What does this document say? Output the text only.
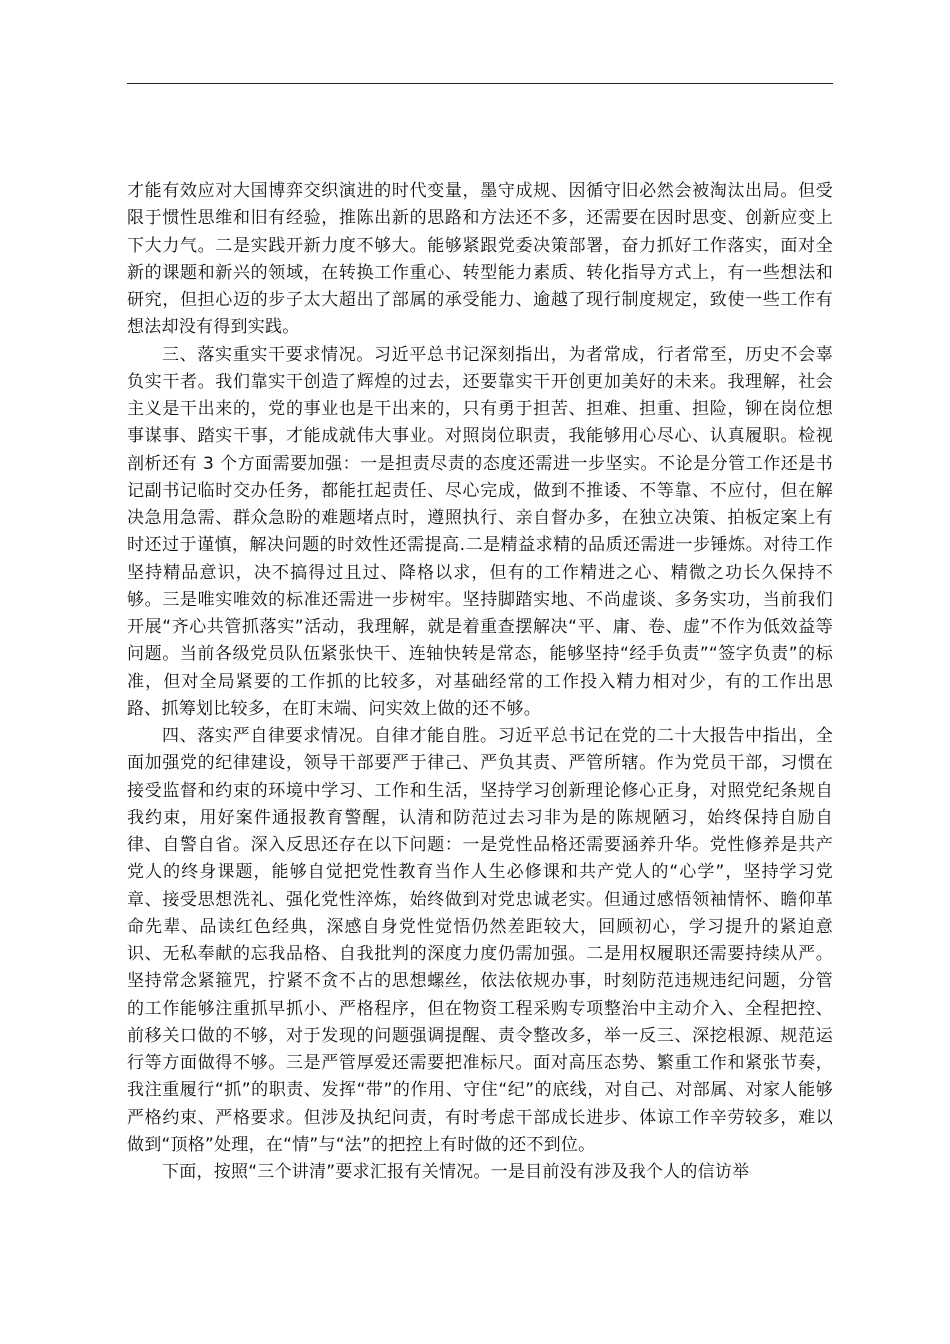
才能有效应对大国博弈交织演进的时代变量，墨守成规、因循守旧必然会被淘汰出局。但受限于惯性思维和旧有经验，推陈出新的思路和方法还不多，还需要在因时思变、创新应变上下大力气。二是实践开新力度不够大。能够紧跟党委决策部署，奋力抓好工作落实，面对全新的课题和新兴的领域，在转换工作重心、转型能力素质、转化指导方式上，有一些想法和研究，但担心迈的步子太大超出了部属的承受能力、逾越了现行制度规定，致使一些工作有想法却没有得到实践。

三、落实重实干要求情况。习近平总书记深刻指出，为者常成，行者常至，历史不会辜负实干者。我们靠实干创造了辉煌的过去，还要靠实干开创更加美好的未来。我理解，社会主义是干出来的，党的事业也是干出来的，只有勇于担苦、担难、担重、担险，铆在岗位想事谋事、踏实干事，才能成就伟大事业。对照岗位职责，我能够用心尽心、认真履职。检视剖析还有 3 个方面需要加强：一是担责尽责的态度还需进一步坚实。不论是分管工作还是书记副书记临时交办任务，都能扛起责任、尽心完成，做到不推诿、不等靠、不应付，但在解决急用急需、群众急盼的难题堵点时，遵照执行、亲自督办多，在独立决策、拍板定案上有时还过于谨慎，解决问题的时效性还需提高.二是精益求精的品质还需进一步锤炼。对待工作坚持精品意识，决不搞得过且过、降格以求，但有的工作精进之心、精微之功长久保持不够。三是唯实唯效的标准还需进一步树牢。坚持脚踏实地、不尚虚谈、多务实功，当前我们开展“齐心共管抓落实”活动，我理解，就是着重查摆解决“平、庸、卷、虚”不作为低效益等问题。当前各级党员队伍紧张快干、连轴快转是常态，能够坚持“经手负责”“签字负责”的标准，但对全局紧要的工作抓的比较多，对基础经常的工作投入精力相对少，有的工作出思路、抓筹划比较多，在盯末端、问实效上做的还不够。

四、落实严自律要求情况。自律才能自胜。习近平总书记在党的二十大报告中指出，全面加强党的纪律建设，领导干部要严于律己、严负其责、严管所辖。作为党员干部，习惯在接受监督和约束的环境中学习、工作和生活，坚持学习创新理论修心正身，对照党纪条规自我约束，用好案件通报教育警醒，认清和防范过去习非为是的陈规陋习，始终保持自励自律、自警自省。深入反思还存在以下问题：一是党性品格还需要涵养升华。党性修养是共产党人的终身课题，能够自觉把党性教育当作人生必修课和共产党人的“心学”，坚持学习党章、接受思想洗礼、强化党性淬炼，始终做到对党忠诚老实。但通过感悟领袖情怀、瞻仰革命先辈、品读红色经典，深感自身党性觉悟仍然差距较大，回顾初心，学习提升的紧迫意识、无私奉献的忘我品格、自我批判的深度力度仍需加强。二是用权履职还需要持续从严。坚持常念紧箍咒，拧紧不贪不占的思想螺丝，依法依规办事，时刻防范违规违纪问题，分管的工作能够注重抓早抓小、严格程序，但在物资工程采购专项整治中主动介入、全程把控、前移关口做的不够，对于发现的问题强调提醒、责令整改多，举一反三、深挖根源、规范运行等方面做得不够。三是严管厚爱还需要把准标尺。面对高压态势、繁重工作和紧张节奏，我注重履行“抓”的职责、发挥“带”的作用、守住“纪”的底线，对自己、对部属、对家人能够严格约束、严格要求。但涉及执纪问责，有时考虑干部成长进步、体谅工作辛劳较多，难以做到“顶格”处理，在“情”与“法”的把控上有时做的还不到位。

下面，按照“三个讲清”要求汇报有关情况。一是目前没有涉及我个人的信访举
